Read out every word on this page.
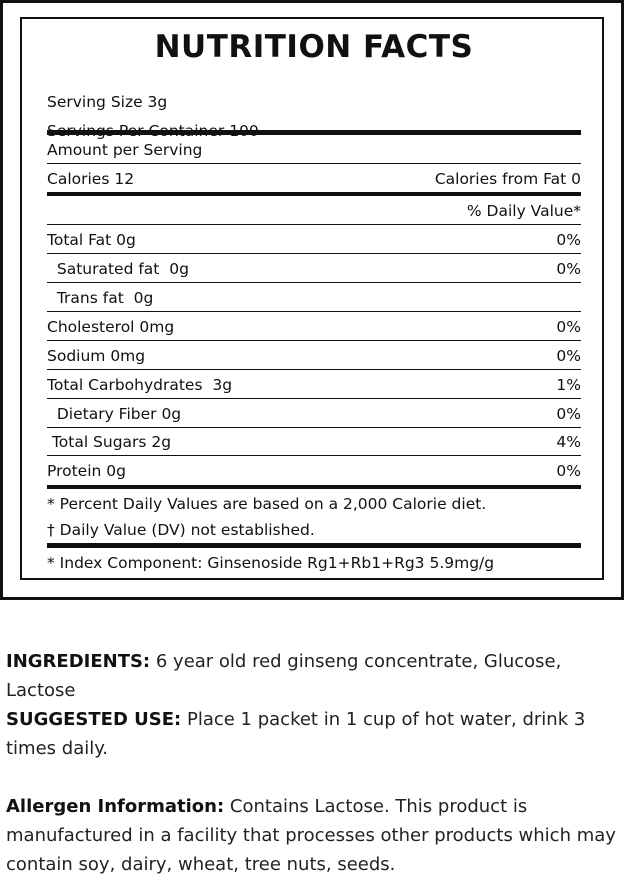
NUTRITION FACTS
Serving Size 3g
Amount per Serving
Calories 12	Calories from Fat 0
% Daily Value*
Total Fat 0g	0%
Saturated fat  0g	0%
Trans fat  0g
Cholesterol 0mg	0%
Sodium 0mg	0%
Total Carbohydrates  3g	1%
Dietary Fiber 0g	0%
Total Sugars 2g	4%
Protein 0g	0%
* Percent Daily Values are based on a 2,000 Calorie diet.
† Daily Value (DV) not established.
* Index Component: Ginsenoside Rg1+Rb1+Rg3 5.9mg/g
INGREDIENTS: 6 year old red ginseng concentrate, Glucose, Lactose
SUGGESTED USE: Place 1 packet in 1 cup of hot water, drink 3 times daily.
Allergen Information: Contains Lactose. This product is manufactured in a facility that processes other products which may contain soy, dairy, wheat, tree nuts, seeds.
